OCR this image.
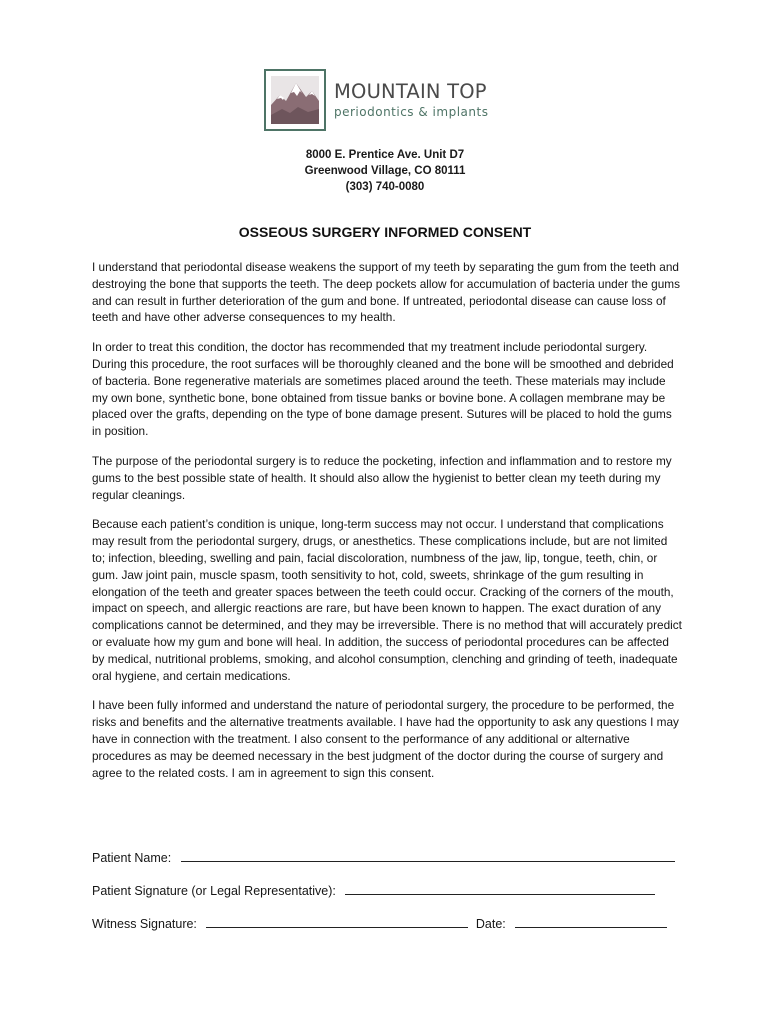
MOUNTAIN TOP
periodontics & implants
8000 E. Prentice Ave. Unit D7
Greenwood Village, CO 80111
(303) 740-0080
OSSEOUS SURGERY INFORMED CONSENT

I understand that periodontal disease weakens the support of my teeth by separating the gum from the teeth and destroying the bone that supports the teeth. The deep pockets allow for accumulation of bacteria under the gums and can result in further deterioration of the gum and bone. If untreated, periodontal disease can cause loss of teeth and have other adverse consequences to my health.

In order to treat this condition, the doctor has recommended that my treatment include periodontal surgery. During this procedure, the root surfaces will be thoroughly cleaned and the bone will be smoothed and debrided of bacteria. Bone regenerative materials are sometimes placed around the teeth. These materials may include my own bone, synthetic bone, bone obtained from tissue banks or bovine bone. A collagen membrane may be placed over the grafts, depending on the type of bone damage present. Sutures will be placed to hold the gums in position.

The purpose of the periodontal surgery is to reduce the pocketing, infection and inflammation and to restore my gums to the best possible state of health. It should also allow the hygienist to better clean my teeth during my regular cleanings.

Because each patient’s condition is unique, long-term success may not occur. I understand that complications may result from the periodontal surgery, drugs, or anesthetics. These complications include, but are not limited to; infection, bleeding, swelling and pain, facial discoloration, numbness of the jaw, lip, tongue, teeth, chin, or gum. Jaw joint pain, muscle spasm, tooth sensitivity to hot, cold, sweets, shrinkage of the gum resulting in elongation of the teeth and greater spaces between the teeth could occur. Cracking of the corners of the mouth, impact on speech, and allergic reactions are rare, but have been known to happen. The exact duration of any complications cannot be determined, and they may be irreversible. There is no method that will accurately predict or evaluate how my gum and bone will heal. In addition, the success of periodontal procedures can be affected by medical, nutritional problems, smoking, and alcohol consumption, clenching and grinding of teeth, inadequate oral hygiene, and certain medications.

I have been fully informed and understand the nature of periodontal surgery, the procedure to be performed, the risks and benefits and the alternative treatments available. I have had the opportunity to ask any questions I may have in connection with the treatment. I also consent to the performance of any additional or alternative procedures as may be deemed necessary in the best judgment of the doctor during the course of surgery and agree to the related costs. I am in agreement to sign this consent.

Patient Name:
Patient Signature (or Legal Representative):
Witness Signature:	Date:
